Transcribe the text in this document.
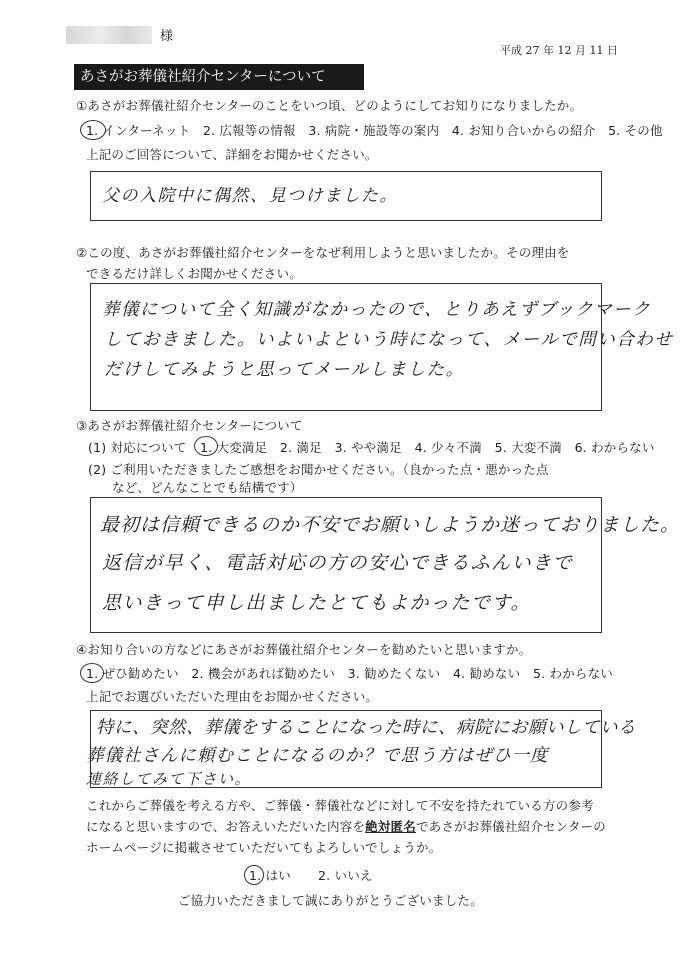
様
平成 27 年 12 月 11 日
あさがお葬儀社紹介センターについて
①あさがお葬儀社紹介センターのことをいつ頃、どのようにしてお知りになりましたか。
1. インターネット　2. 広報等の情報　3. 病院・施設等の案内　4. お知り合いからの紹介　5. その他
上記のご回答について、詳細をお聞かせください。
父の入院中に偶然、見つけました。
②この度、あさがお葬儀社紹介センターをなぜ利用しようと思いましたか。その理由を
できるだけ詳しくお聞かせください。
葬儀について全く知識がなかったので、とりあえずブックマーク
しておきました。いよいよという時になって、メールで問い合わせ
だけしてみようと思ってメールしました。
③あさがお葬儀社紹介センターについて
(1) 対応について 1. 大変満足　2. 満足　3. やや満足　4. 少々不満　5. 大変不満　6. わからない
(2) ご利用いただきましたご感想をお聞かせください。（良かった点・悪かった点
など、どんなことでも結構です）
最初は信頼できるのか不安でお願いしようか迷っておりました。
返信が早く、電話対応の方の安心できるふんいきで
思いきって申し出ましたとてもよかったです。
④お知り合いの方などにあさがお葬儀社紹介センターを勧めたいと思いますか。
1. ぜひ勧めたい　2. 機会があれば勧めたい　3. 勧めたくない　4. 勧めない　5. わからない
上記でお選びいただいた理由をお聞かせください。
特に、突然、葬儀をすることになった時に、病院にお願いしている
葬儀社さんに頼むことになるのか？で思う方はぜひ一度
連絡してみて下さい。
これからご葬儀を考える方や、ご葬儀・葬儀社などに対して不安を持たれている方の参考
になると思いますので、お答えいただいた内容を絶対匿名であさがお葬儀社紹介センターの
ホームページに掲載させていただいてもよろしいでしょうか。
1. はい 2. いいえ
ご協力いただきまして誠にありがとうございました。
